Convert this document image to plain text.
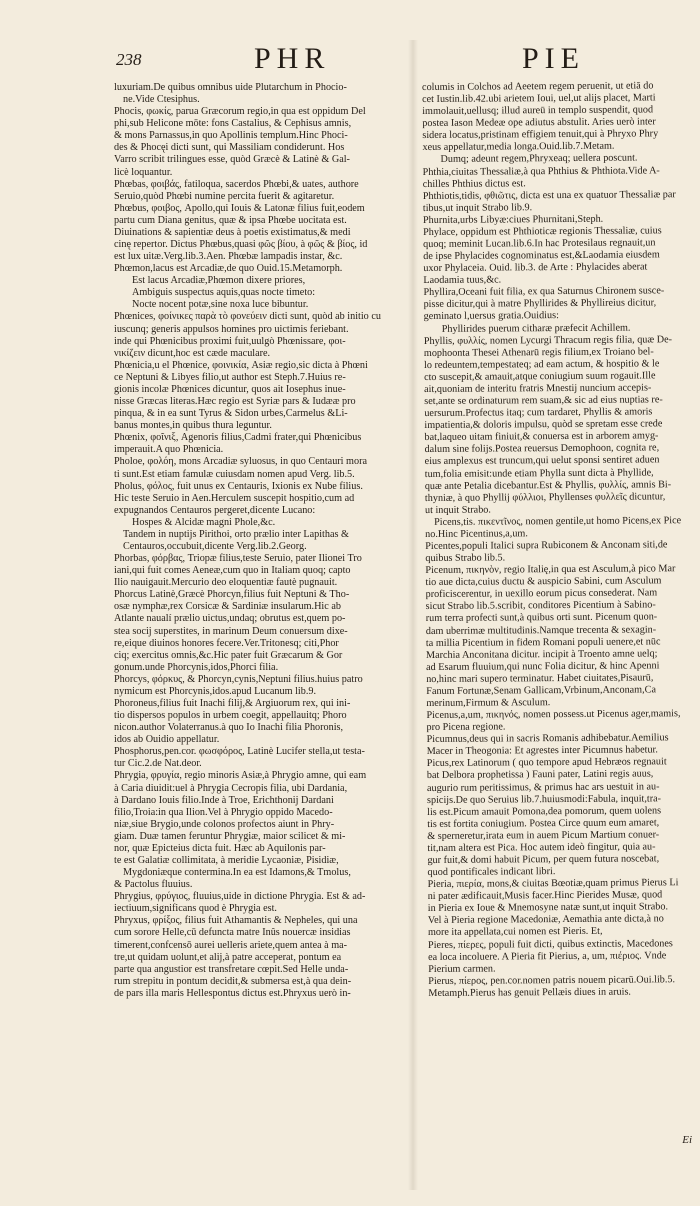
238	PHR	PIE
luxuriam.De quibus omnibus uide Plutarchum in Phocio-
ne.Vide Ctesiphus.
Phocis, φωκίς, parua Græcorum regio,in qua est oppidum Del
phi,sub Helicone mōte: fons Castalius, & Cephisus amnis,
& mons Parnassus,in quo Apollinis templum.Hinc Phoci-
des & Phocęi dicti sunt, qui Massiliam condiderunt. Hos
Varro scribit trilingues esse, quòd Græcè & Latinè & Gal-
licè loquantur.
Phœbas, φοιβάς, fatiloqua, sacerdos Phœbi,& uates, authore
Seruio,quòd Phœbi numine percita fuerit & agitaretur.
Phœbus, φοιβος, Apollo,qui Iouis & Latonæ filius fuit,eodem
partu cum Diana genitus, quæ & ipsa Phœbe uocitata est.
Diuinations & sapientiæ deus à poetis existimatus,& medi
cinę repertor. Dictus Phœbus,quasi φῶς βίου, à φῶς & βίος, id
est lux uitæ.Verg.lib.3.Aen. Phœbæ lampadis instar, &c.
Phœmon,lacus est Arcadiæ,de quo Ouid.15.Metamorph.
Est lacus Arcadiæ,Phœmon dixere priores,
Ambiguis suspectus aquis,quas nocte timeto:
Nocte nocent potæ,sine noxa luce bibuntur.
Phœnices, φοίνικες παρὰ τὸ φονεύειν dicti sunt, quòd ab initio cu
iuscunq; generis appulsos homines pro uictimis feriebant.
inde qui Phœnicibus proximi fuit,uulgò Phœnissare, φοι-
νικίζειν dicunt,hoc est cæde maculare.
Phœnicia,u el Phœnice, φοινικία, Asiæ regio,sic dicta à Phœni
ce Neptuni & Libyes filio,ut author est Steph.7.Huius re-
gionis incolæ Phœnices dicuntur, quos ait Iosephus inue-
nisse Græcas literas.Hæc regio est Syriæ pars & Iudææ pro
pinqua, & in ea sunt Tyrus & Sidon urbes,Carmelus &Li-
banus montes,in quibus thura leguntur.
Phœnix, φοῖνιξ, Agenoris filius,Cadmi frater,qui Phœnicibus
imperauit.A quo Phœnicia.
Pholoe, φολόη, mons Arcadiæ syluosus, in quo Centauri mora
ti sunt.Est etiam famulæ cuiusdam nomen apud Verg. lib.5.
Pholus, φόλος, fuit unus ex Centauris, Ixionis ex Nube filius.
Hic teste Seruio in Aen.Herculem suscepit hospitio,cum ad
expugnandos Centauros pergeret,dicente Lucano:
Hospes & Alcidæ magni Phole,&c.
Tandem in nuptijs Pirithoi, orto prælio inter Lapithas &
Centauros,occubuit,dicente Verg.lib.2.Georg.
Phorbas, φόρβας, Triopæ filius,teste Seruio, pater Ilionei Tro
iani,qui fuit comes Aeneæ,cum quo in Italiam quoq; capto
Ilio nauigauit.Mercurio deo eloquentiæ fautè pugnauit.
Phorcus Latinè,Græcè Phorcyn,filius fuit Neptuni & Tho-
osæ nymphæ,rex Corsicæ & Sardiniæ insularum.Hic ab
Atlante naualí prælio uictus,undaq; obrutus est,quem po-
stea socij superstites, in marinum Deum conuersum dixe-
re,eique diuinos honores fecere.Ver.Tritonesq; citi,Phor
ciq; exercitus omnis,&c.Hic pater fuit Græcarum & Gor
gonum.unde Phorcynis,idos,Phorci filia.
Phorcys, φόρκυς, & Phorcyn,cynis,Neptuni filius.huius patro
nymicum est Phorcynis,idos.apud Lucanum lib.9.
Phoroneus,filius fuit Inachi filij,& Argiuorum rex, qui ini-
tio dispersos populos in urbem coegit, appellauitq; Phoro
nicon.author Volaterranus.à quo Io Inachi filia Phoronis,
idos ab Ouidio appellatur.
Phosphorus,pen.cor. φωσφόρος, Latinè Lucifer stella,ut testa-
tur Cic.2.de Nat.deor.
Phrygia, φρυγία, regio minoris Asiæ,à Phrygio amne, qui eam
à Caria diuidit:uel à Phrygia Cecropis filia, ubi Dardania,
à Dardano Iouis filio.Inde à Troe, Erichthonij Dardani
filio,Troia:in qua Ilion.Vel à Phrygio oppido Macedo-
niæ,siue Brygio,unde colonos profectos aiunt in Phry-
giam. Duæ tamen feruntur Phrygiæ, maior scilicet & mi-
nor, quæ Epicteius dicta fuit. Hæc ab Aquilonis par-
te est Galatiæ collimitata, à meridie Lycaoniæ, Pisidiæ,
Mygdoniæque contermina.In ea est Idamons,& Tmolus,
& Pactolus fluuius.
Phrygius, φρύγιος, fluuius,uide in dictione Phrygia. Est & ad-
iectiuum,significans quod è Phrygia est.
Phryxus, φρίξος, filius fuit Athamantis & Nepheles, qui una
cum sorore Helle,cū defuncta matre Inûs nouercæ insidias
timerent,confcensō aurei uelleris ariete,quem antea à ma-
tre,ut quidam uolunt,et alij,à patre acceperat, pontum ea
parte qua angustior est transfretare cœpit.Sed Helle unda-
rum strepitu in pontum decidit,& submersa est,à qua dein-
de pars illa maris Hellespontus dictus est.Phryxus uerò in-
columis in Colchos ad Aeetem regem peruenit, ut etiā do
cet Iustin.lib.42.ubi arietem Ioui, uel,ut alijs placet, Marti
immolauit,uellusq; illud aureū in templo suspendit, quod
postea Iason Medeæ ope adiutus abstulit. Aries uerò inter
sidera locatus,pristinam effigiem tenuit,qui à Phryxo Phry
xeus appellatur,media longa.Ouid.lib.7.Metam.
Dumq; adeunt regem,Phryxeaq; uellera poscunt.
Phthia,ciuitas Thessaliæ,à qua Phthius & Phthiota.Vide A-
chilles Phthius dictus est.
Phthiotis,tidis, φθιῶτις, dicta est una ex quatuor Thessaliæ par
tibus,ut inquit Strabo lib.9.
Phurnita,urbs Libyæ:ciues Phurnitani,Steph.
Phylace, oppidum est Phthioticæ regionis Thessaliæ, cuius
quoq; meminit Lucan.lib.6.In hac Protesilaus regnauit,un
de ipse Phylacides cognominatus est,&Laodamia eiusdem
uxor Phylaceia. Ouid. lib.3. de Arte : Phylacides aberat
Laodamia tuus,&c.
Phyllira,Oceani fuit filia, ex qua Saturnus Chironem susce-
pisse dicitur,qui à matre Phyllirides & Phyllireius dicitur,
geminato l,uersus gratia.Ouidius:
Phyllirides puerum citharæ præfecit Achillem.
Phyllis, φυλλίς, nomen Lycurgi Thracum regis filia, quæ De-
mophoonta Thesei Athenarū regis filium,ex Troiano bel-
lo redeuntem,tempestateq; ad eam actum, & hospitio & le
cto suscepit,& amauit,atque coniugium suum rogauit.Ille
ait,quoniam de interitu fratris Mnestij nuncium accepis-
set,ante se ordinaturum rem suam,& sic ad eius nuptias re-
uersurum.Profectus itaq; cum tardaret, Phyllis & amoris
impatientia,& doloris impulsu, quòd se spretam esse crede
bat,laqueo uitam finiuit,& conuersa est in arborem amyg-
dalum sine folijs.Postea reuersus Demophoon, cognita re,
eius amplexus est truncum,qui uelut sponsi sentiret aduen
tum,folia emisit:unde etiam Phylla sunt dicta à Phyllide,
quæ ante Petalia dicebantur.Est & Phyllis, φυλλίς, amnis Bi-
thyniæ, à quo Phyllij φύλλιοι, Phyllenses φυλλεῖς dicuntur,
ut inquit Strabo.
Picens,tis. πικεντῖνος, nomen gentile,ut homo Picens,ex Pice
no.Hinc Picentinus,a,um.
Picentes,populi Italici supra Rubiconem & Anconam siti,de
quibus Strabo lib.5.
Picenum, πικηνὸν, regio Italię,in qua est Asculum,à pico Mar
tio aue dicta,cuius ductu & auspicio Sabini, cum Asculum
proficiscerentur, in uexillo eorum picus consederat. Nam
sicut Strabo lib.5.scribit, conditores Picentium à Sabino-
rum terra profecti sunt,à quibus orti sunt. Picenum quon-
dam uberrimæ multitudinis.Namque trecenta & sexagin-
ta millia Picentium in fidem Romani populi uenere,et nūc
Marchia Anconitana dicitur. incipit à Troento amne uelq;
ad Esarum fluuium,qui nunc Folia dicitur, & hinc Apenni
no,hinc mari supero terminatur. Habet ciuitates,Pisaurū,
Fanum Fortunæ,Senam Gallicam,Vrbinum,Anconam,Ca
merinum,Firmum & Asculum.
Picenus,a,um, πικηνός, nomen possess.ut Picenus ager,mamis,
pro Picena regione.
Picumnus,deus qui in sacris Romanis adhibebatur.Aemilius
Macer in Theogonia: Et agrestes inter Picumnus habetur.
Picus,rex Latinorum ( quo tempore apud Hebræos regnauit
bat Delbora prophetissa ) Fauni pater, Latini regis auus,
augurio rum peritissimus, & primus hac ars uestuit in au-
spicijs.De quo Seruius lib.7.huiusmodi:Fabula, inquit,tra-
lis est.Picum amauit Pomona,dea pomorum, quem uolens
tis est fortita coniugium. Postea Circe quum eum amaret,
& sperneretur,irata eum in auem Picum Martium conuer-
tit,nam altera est Pica. Hoc autem ideò fingitur, quia au-
gur fuit,& domi habuit Picum, per quem futura noscebat,
quod pontificales indicant libri.
Pieria, πιερία, mons,& ciuitas Bœotiæ,quam primus Pierus Li
ni pater ædificauit,Musis facer.Hinc Pierides Musæ, quod
in Pieria ex Ioue & Mnemosyne natæ sunt,ut inquit Strabo.
Vel à Pieria regione Macedoniæ, Aemathia ante dicta,à no
more ita appellata,cui nomen est Pieris. Et,
Pieres, πίερες, populi fuit dicti, quibus extinctis, Macedones
ea loca incoluere. A Pieria fit Pierius, a, um, πιέριος. Vnde
Pierium carmen.
Pierus, πίερος, pen.cor.nomen patris nouem picarū.Oui.lib.5.
Metamph.Pierus has genuit Pellæis diues in aruis.
Ei
